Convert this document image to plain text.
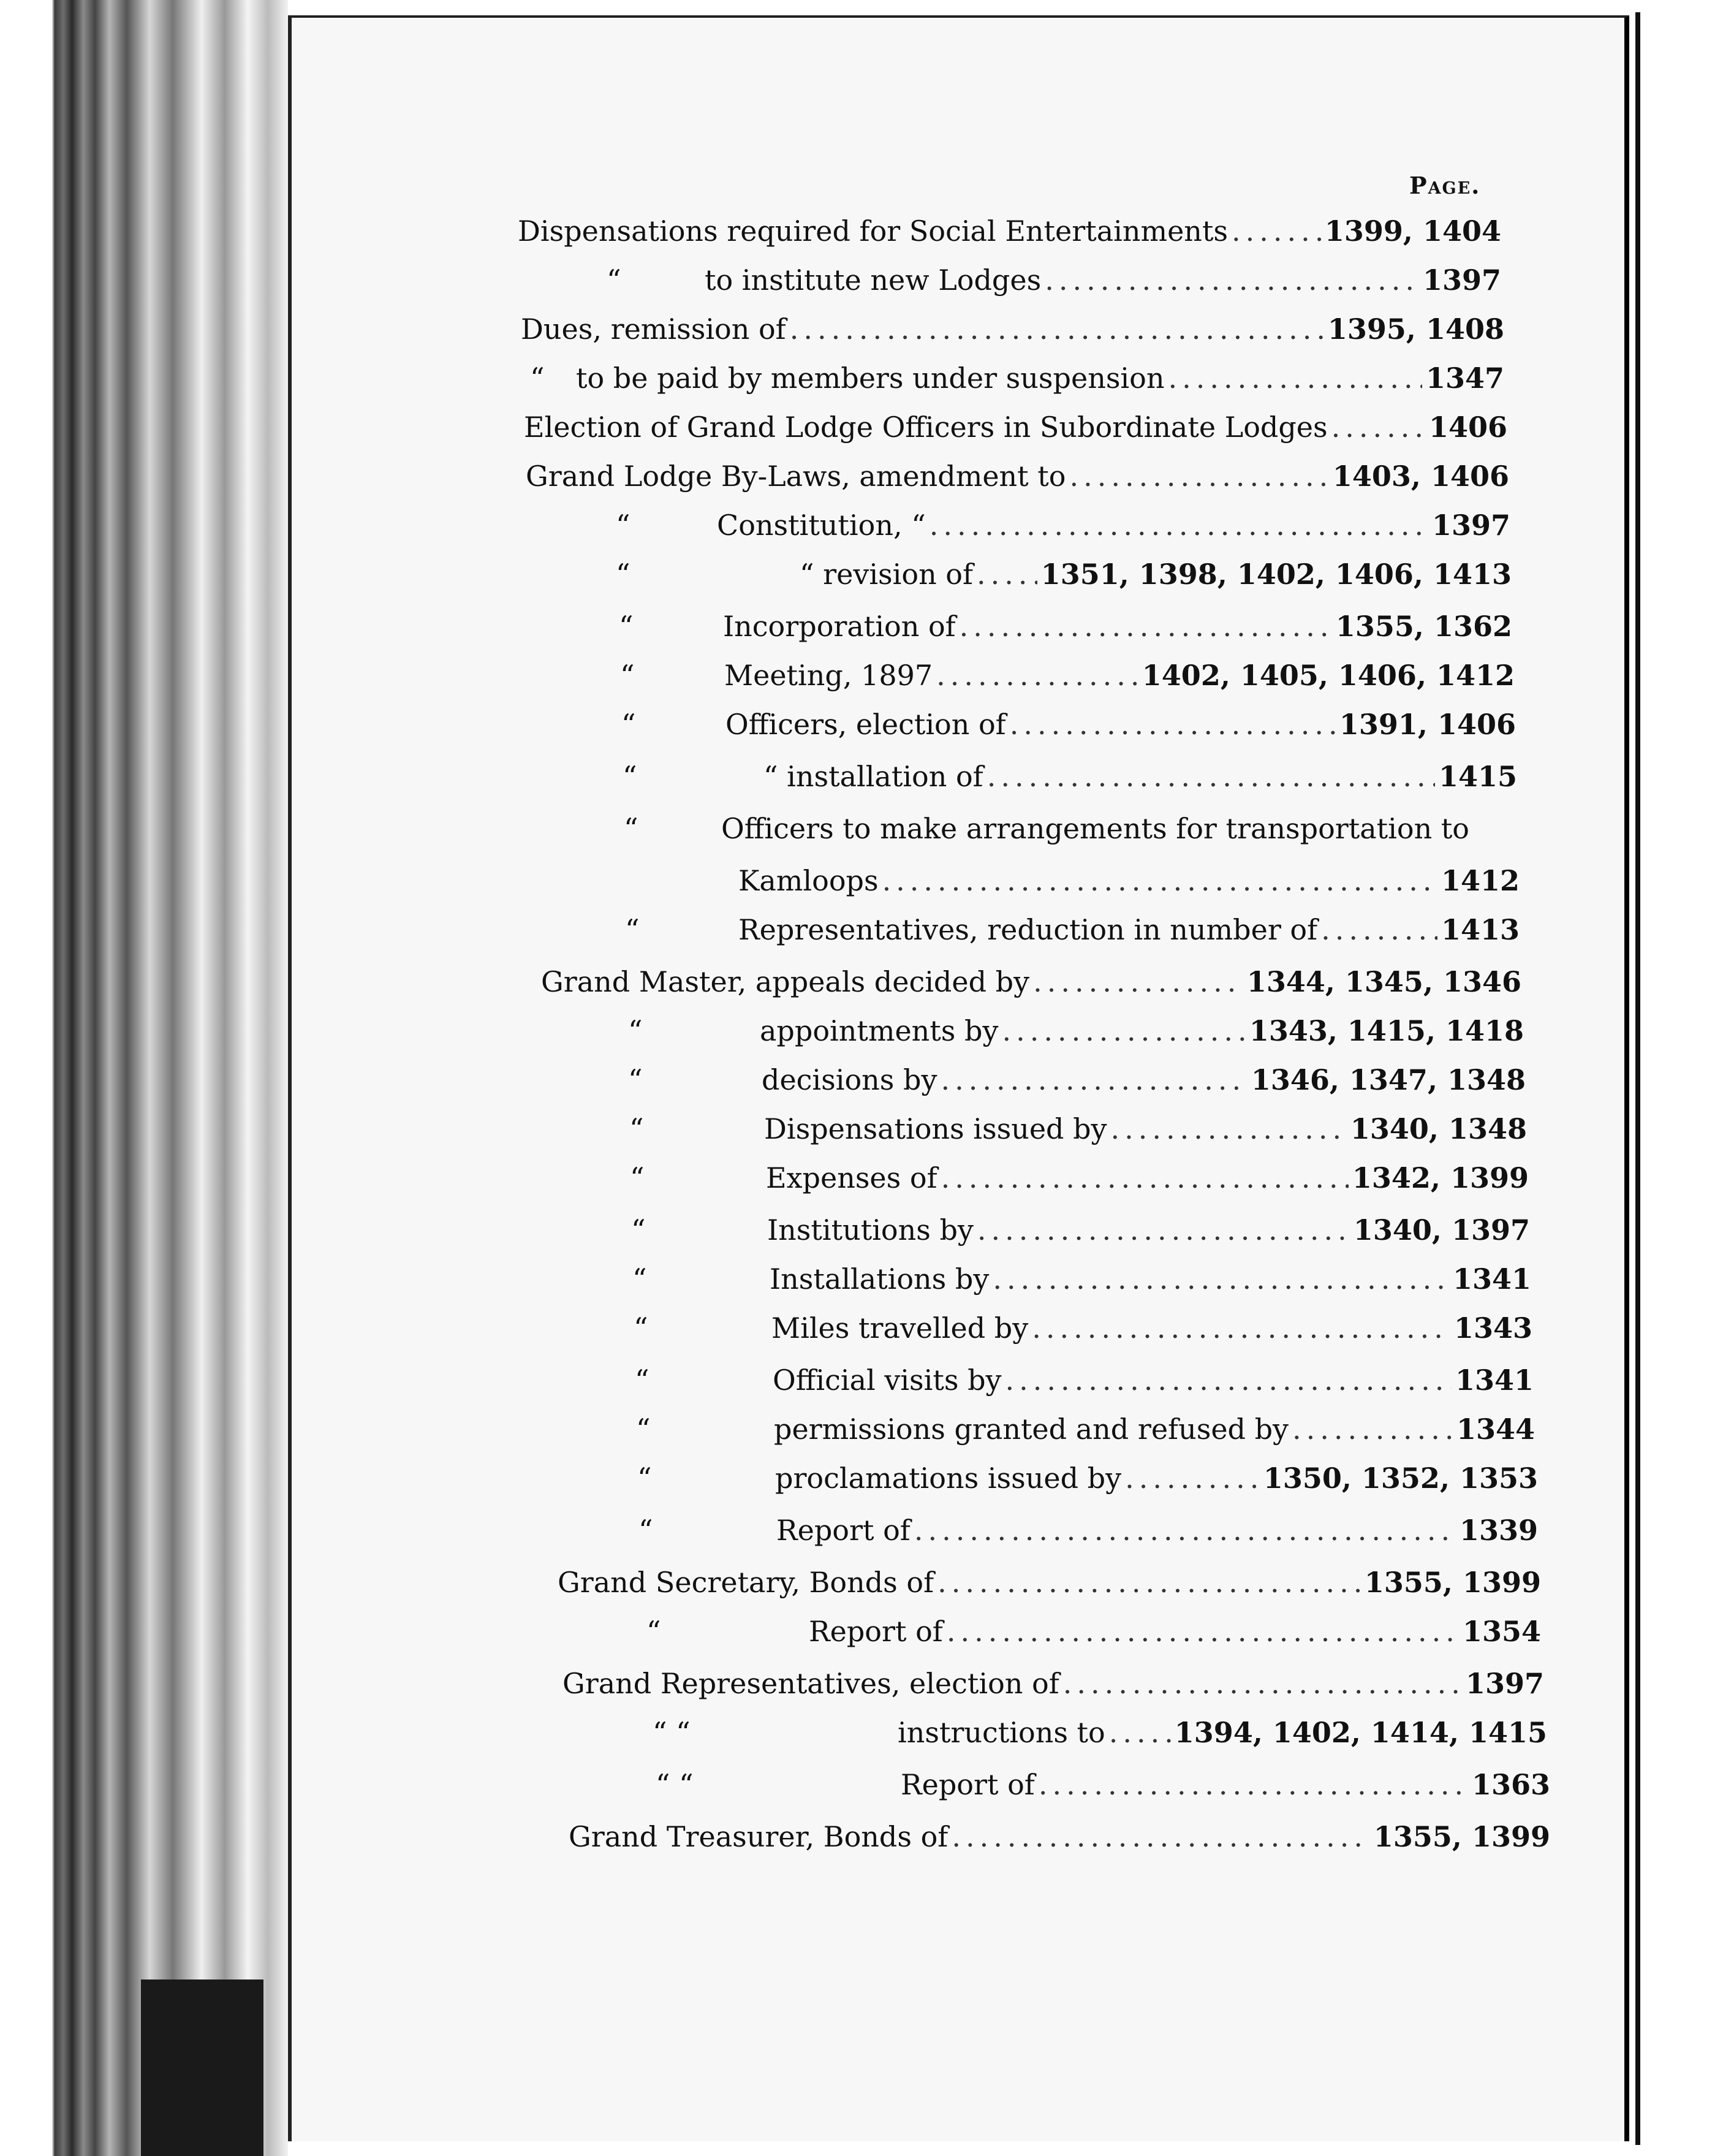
Page.
Dispensations required for Social Entertainments .....	1399, 1404
“	to institute new Lodges .....	1397
Dues, remission of .....	1395, 1408
“	to be paid by members under suspension .....	1347
Election of Grand Lodge Officers in Subordinate Lodges .....	1406
Grand Lodge By-Laws, amendment to .....	1403, 1406
“	Constitution, “ .....	1397
“	“ revision of ..... 1351, 1398, 1402, 1406, 1413
“	Incorporation of .....	1355, 1362
“	Meeting, 1897 .....	1402, 1405, 1406, 1412
“	Officers, election of .....	1391, 1406
“	“ installation of .....	1415
“	Officers to make arrangements for transportation to
Kamloops .....	1412
“	Representatives, reduction in number of .....	1413
Grand Master, appeals decided by .....	1344, 1345, 1346
“	appointments by .....	1343, 1415, 1418
“	decisions by .....	1346, 1347, 1348
“	Dispensations issued by .....	1340, 1348
“	Expenses of .....	1342, 1399
“	Institutions by .....	1340, 1397
“	Installations by .....	1341
“	Miles travelled by .....	1343
“	Official visits by .....	1341
“	permissions granted and refused by .....	1344
“	proclamations issued by .....	1350, 1352, 1353
“	Report of .....	1339
Grand Secretary, Bonds of .....	1355, 1399
“	Report of .....	1354
Grand Representatives, election of .....	1397
“ “	instructions to ..... 1394, 1402, 1414, 1415
“ “	Report of .....	1363
Grand Treasurer, Bonds of .....	1355, 1399
